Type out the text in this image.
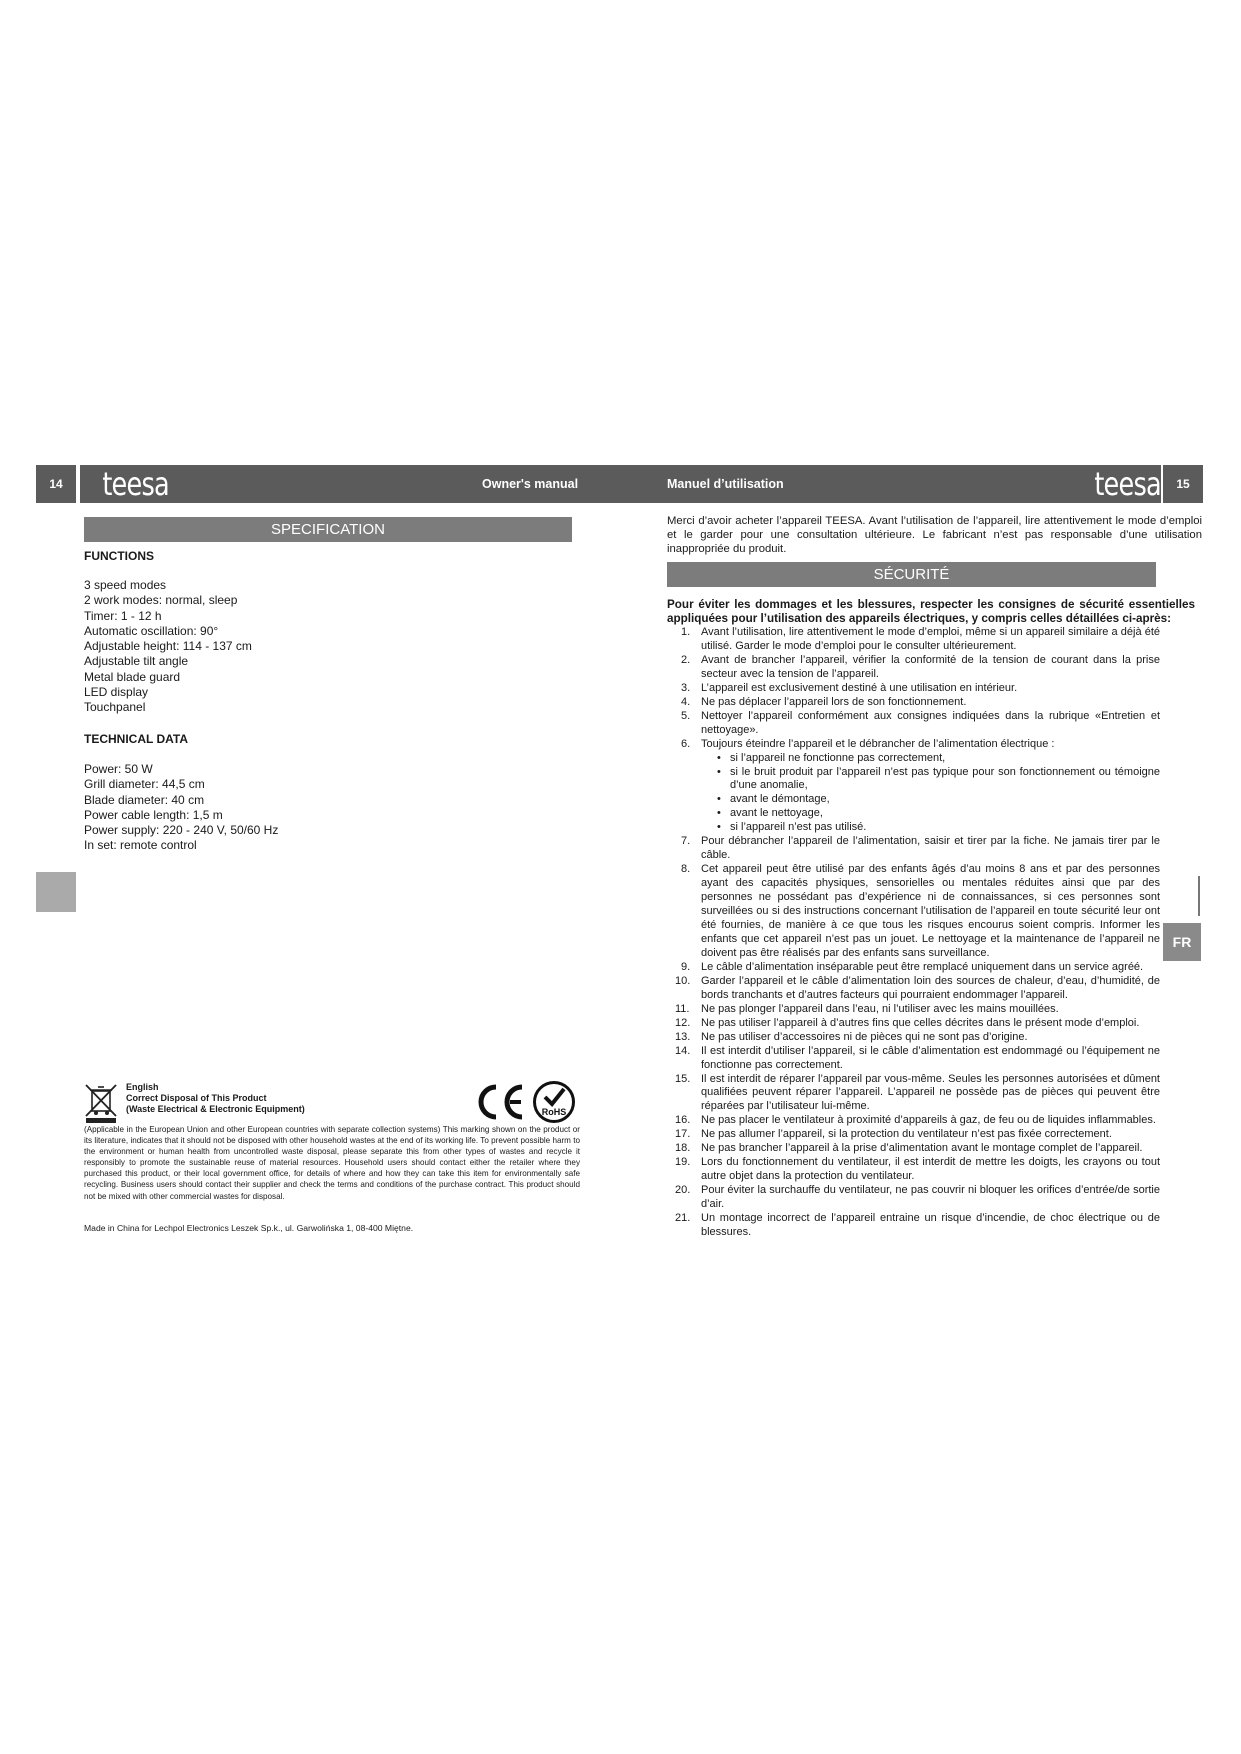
14	15
teesa	Owner's manual	Manuel d’utilisation	teesa
SPECIFICATION
FUNCTIONS
3 speed modes
2 work modes: normal, sleep
Timer: 1 - 12 h
Automatic oscillation: 90°
Adjustable height: 114 - 137 cm
Adjustable tilt angle
Metal blade guard
LED display
Touchpanel
TECHNICAL DATA
Power: 50 W
Grill diameter: 44,5 cm
Blade diameter: 40 cm
Power cable length: 1,5 m
Power supply: 220 - 240 V, 50/60 Hz
In set: remote control
English
Correct Disposal of This Product
(Waste Electrical & Electronic Equipment)	RoHS
(Applicable in the European Union and other European countries with separate collection systems) This marking shown on the product or its literature, indicates that it should not be disposed with other household wastes at the end of its working life. To prevent possible harm to the environment or human health from uncontrolled waste disposal, please separate this from other types of wastes and recycle it responsibly to promote the sustainable reuse of material resources. Household users should contact either the retailer where they purchased this product, or their local government office, for details of where and how they can take this item for environmentally safe recycling. Business users should contact their supplier and check the terms and conditions of the purchase contract. This product should not be mixed with other commercial wastes for disposal.
Made in China for Lechpol Electronics Leszek Sp.k., ul. Garwolińska 1, 08-400 Miętne.
Merci d’avoir acheter l’appareil TEESA. Avant l’utilisation de l’appareil, lire attentivement le mode d’emploi et le garder pour une consultation ultérieure. Le fabricant n’est pas responsable d’une utilisation inappropriée du produit.
SÉCURITÉ
Pour éviter les dommages et les blessures, respecter les consignes de sécurité essentielles appliquées pour l’utilisation des appareils électriques, y compris celles détaillées ci-après:
1. Avant l’utilisation, lire attentivement le mode d’emploi, même si un appareil similaire a déjà été utilisé. Garder le mode d’emploi pour le consulter ultérieurement.
2. Avant de brancher l’appareil, vérifier la conformité de la tension de courant dans la prise secteur avec la tension de l’appareil.
3. L’appareil est exclusivement destiné à une utilisation en intérieur.
4. Ne pas déplacer l’appareil lors de son fonctionnement.
5. Nettoyer l’appareil conformément aux consignes indiquées dans la rubrique «Entretien et nettoyage».
6. Toujours éteindre l’appareil et le débrancher de l’alimentation électrique :
• si l’appareil ne fonctionne pas correctement,
• si le bruit produit par l’appareil n’est pas typique pour son fonctionnement ou témoigne d’une anomalie,
• avant le démontage,
• avant le nettoyage,
• si l’appareil n’est pas utilisé.
7. Pour débrancher l’appareil de l’alimentation, saisir et tirer par la fiche. Ne jamais tirer par le câble.
8. Cet appareil peut être utilisé par des enfants âgés d’au moins 8 ans et par des personnes ayant des capacités physiques, sensorielles ou mentales réduites ainsi que par des personnes ne possédant pas d’expérience ni de connaissances, si ces personnes sont surveillées ou si des instructions concernant l’utilisation de l’appareil en toute sécurité leur ont été fournies, de manière à ce que tous les risques encourus soient compris. Informer les enfants que cet appareil n’est pas un jouet. Le nettoyage et la maintenance de l’appareil ne doivent pas être réalisés par des enfants sans surveillance.
9. Le câble d’alimentation inséparable peut être remplacé uniquement dans un service agréé.
10. Garder l’appareil et le câble d’alimentation loin des sources de chaleur, d’eau, d’humidité, de bords tranchants et d’autres facteurs qui pourraient endommager l’appareil.
11. Ne pas plonger l’appareil dans l’eau, ni l’utiliser avec les mains mouillées.
12. Ne pas utiliser l’appareil à d’autres fins que celles décrites dans le présent mode d’emploi.
13. Ne pas utiliser d’accessoires ni de pièces qui ne sont pas d’origine.
14. Il est interdit d’utiliser l’appareil, si le câble d’alimentation est endommagé ou l’équipement ne fonctionne pas correctement.
15. Il est interdit de réparer l’appareil par vous-même. Seules les personnes autorisées et dûment qualifiées peuvent réparer l’appareil. L’appareil ne possède pas de pièces qui peuvent être réparées par l’utilisateur lui-même.
16. Ne pas placer le ventilateur à proximité d’appareils à gaz, de feu ou de liquides inflammables.
17. Ne pas allumer l’appareil, si la protection du ventilateur n’est pas fixée correctement.
18. Ne pas brancher l’appareil à la prise d’alimentation avant le montage complet de l’appareil.
19. Lors du fonctionnement du ventilateur, il est interdit de mettre les doigts, les crayons ou tout autre objet dans la protection du ventilateur.
20. Pour éviter la surchauffe du ventilateur, ne pas couvrir ni bloquer les orifices d’entrée/de sortie d’air.
21. Un montage incorrect de l’appareil entraine un risque d’incendie, de choc électrique ou de blessures.
FR
